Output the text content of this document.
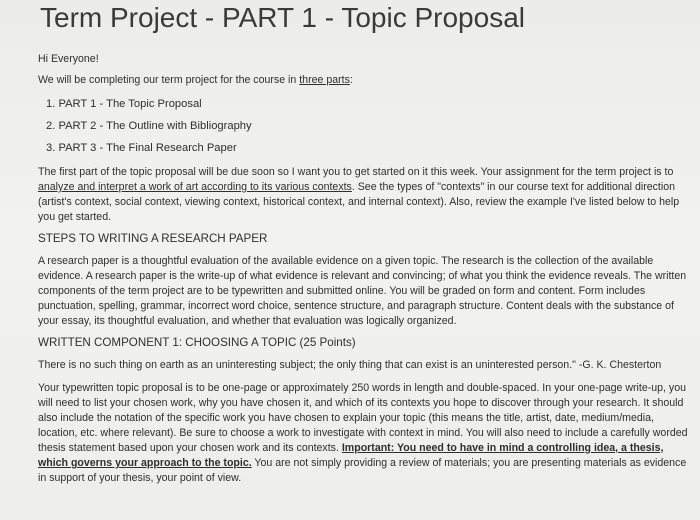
Term Project - PART 1 - Topic Proposal

Hi Everyone!

We will be completing our term project for the course in three parts:

1. PART 1 - The Topic Proposal
2. PART 2 - The Outline with Bibliography
3. PART 3 - The Final Research Paper

The first part of the topic proposal will be due soon so I want you to get started on it this week. Your assignment for the term project is to analyze and interpret a work of art according to its various contexts. See the types of "contexts" in our course text for additional direction (artist's context, social context, viewing context, historical context, and internal context). Also, review the example I've listed below to help you get started.

STEPS TO WRITING A RESEARCH PAPER

A research paper is a thoughtful evaluation of the available evidence on a given topic. The research is the collection of the available evidence. A research paper is the write-up of what evidence is relevant and convincing; of what you think the evidence reveals. The written components of the term project are to be typewritten and submitted online. You will be graded on form and content. Form includes punctuation, spelling, grammar, incorrect word choice, sentence structure, and paragraph structure. Content deals with the substance of your essay, its thoughtful evaluation, and whether that evaluation was logically organized.

WRITTEN COMPONENT 1: CHOOSING A TOPIC (25 Points)

There is no such thing on earth as an uninteresting subject; the only thing that can exist is an uninterested person." -G. K. Chesterton

Your typewritten topic proposal is to be one-page or approximately 250 words in length and double-spaced. In your one-page write-up, you will need to list your chosen work, why you have chosen it, and which of its contexts you hope to discover through your research. It should also include the notation of the specific work you have chosen to explain your topic (this means the title, artist, date, medium/media, location, etc. where relevant). Be sure to choose a work to investigate with context in mind. You will also need to include a carefully worded thesis statement based upon your chosen work and its contexts. Important: You need to have in mind a controlling idea, a thesis, which governs your approach to the topic. You are not simply providing a review of materials; you are presenting materials as evidence in support of your thesis, your point of view.
